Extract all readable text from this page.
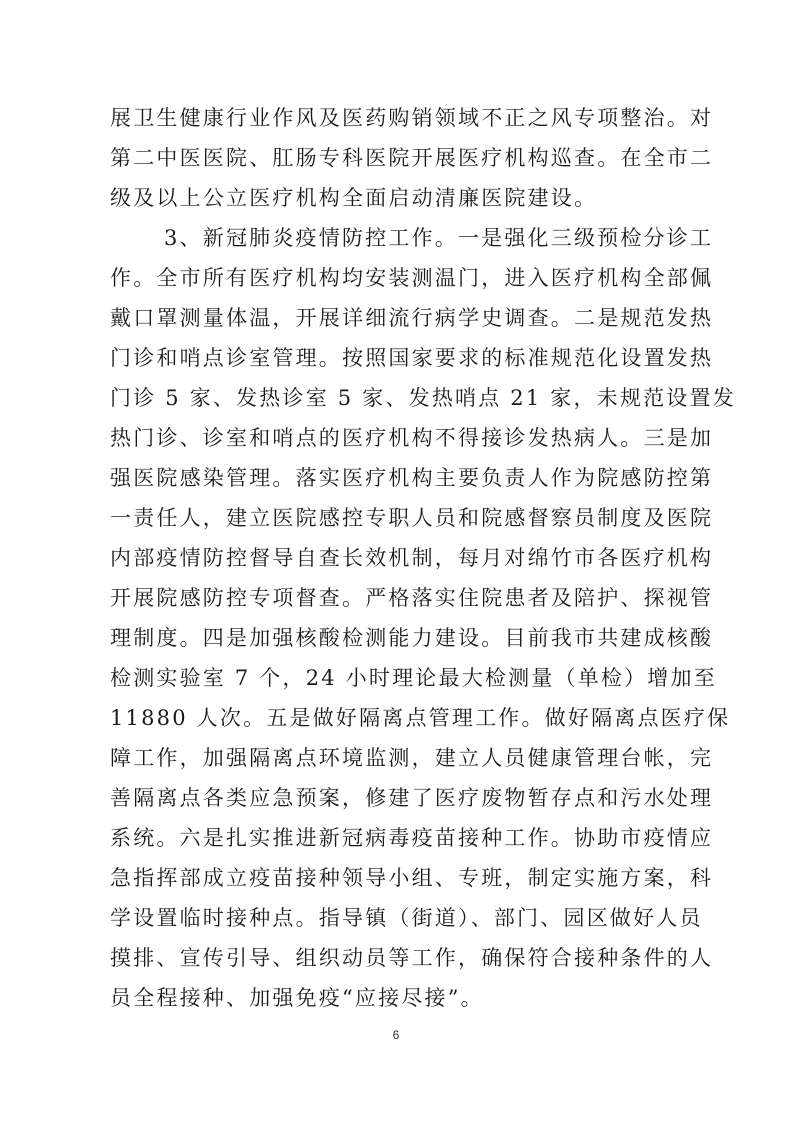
展卫生健康行业作风及医药购销领域不正之风专项整治。对
第二中医医院、肛肠专科医院开展医疗机构巡查。在全市二
级及以上公立医疗机构全面启动清廉医院建设。
3、新冠肺炎疫情防控工作。一是强化三级预检分诊工
作。全市所有医疗机构均安装测温门，进入医疗机构全部佩
戴口罩测量体温，开展详细流行病学史调查。二是规范发热
门诊和哨点诊室管理。按照国家要求的标准规范化设置发热
门诊 5 家、发热诊室 5 家、发热哨点 21 家，未规范设置发
热门诊、诊室和哨点的医疗机构不得接诊发热病人。三是加
强医院感染管理。落实医疗机构主要负责人作为院感防控第
一责任人，建立医院感控专职人员和院感督察员制度及医院
内部疫情防控督导自查长效机制，每月对绵竹市各医疗机构
开展院感防控专项督查。严格落实住院患者及陪护、探视管
理制度。四是加强核酸检测能力建设。目前我市共建成核酸
检测实验室 7 个，24 小时理论最大检测量（单检）增加至
11880 人次。五是做好隔离点管理工作。做好隔离点医疗保
障工作，加强隔离点环境监测，建立人员健康管理台帐，完
善隔离点各类应急预案，修建了医疗废物暂存点和污水处理
系统。六是扎实推进新冠病毒疫苗接种工作。协助市疫情应
急指挥部成立疫苗接种领导小组、专班，制定实施方案，科
学设置临时接种点。指导镇（街道）、部门、园区做好人员
摸排、宣传引导、组织动员等工作，确保符合接种条件的人
员全程接种、加强免疫“应接尽接”。
6
